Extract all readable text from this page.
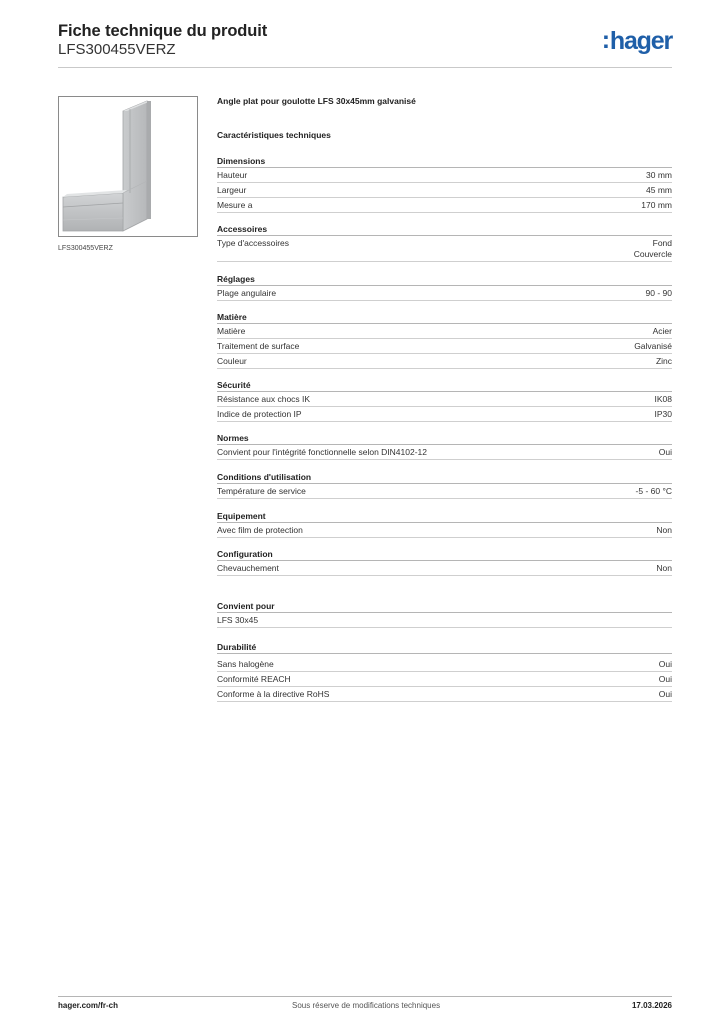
Fiche technique du produit
LFS300455VERZ	:hager
LFS300455VERZ
Angle plat pour goulotte LFS 30x45mm galvanisé
Caractéristiques techniques
Dimensions
Hauteur	30 mm
Largeur	45 mm
Mesure a	170 mm
Accessoires
Type d'accessoires	Fond
Couvercle
Réglages
Plage angulaire	90 - 90
Matière
Matière	Acier
Traitement de surface	Galvanisé
Couleur	Zinc
Sécurité
Résistance aux chocs IK	IK08
Indice de protection IP	IP30
Normes
Convient pour l'intégrité fonctionnelle selon DIN4102-12	Oui
Conditions d'utilisation
Température de service	-5 - 60 °C
Equipement
Avec film de protection	Non
Configuration
Chevauchement	Non
Convient pour
LFS 30x45
Durabilité
Sans halogène	Oui
Conformité REACH	Oui
Conforme à la directive RoHS	Oui
hager.com/fr-ch	Sous réserve de modifications techniques	17.03.2026
